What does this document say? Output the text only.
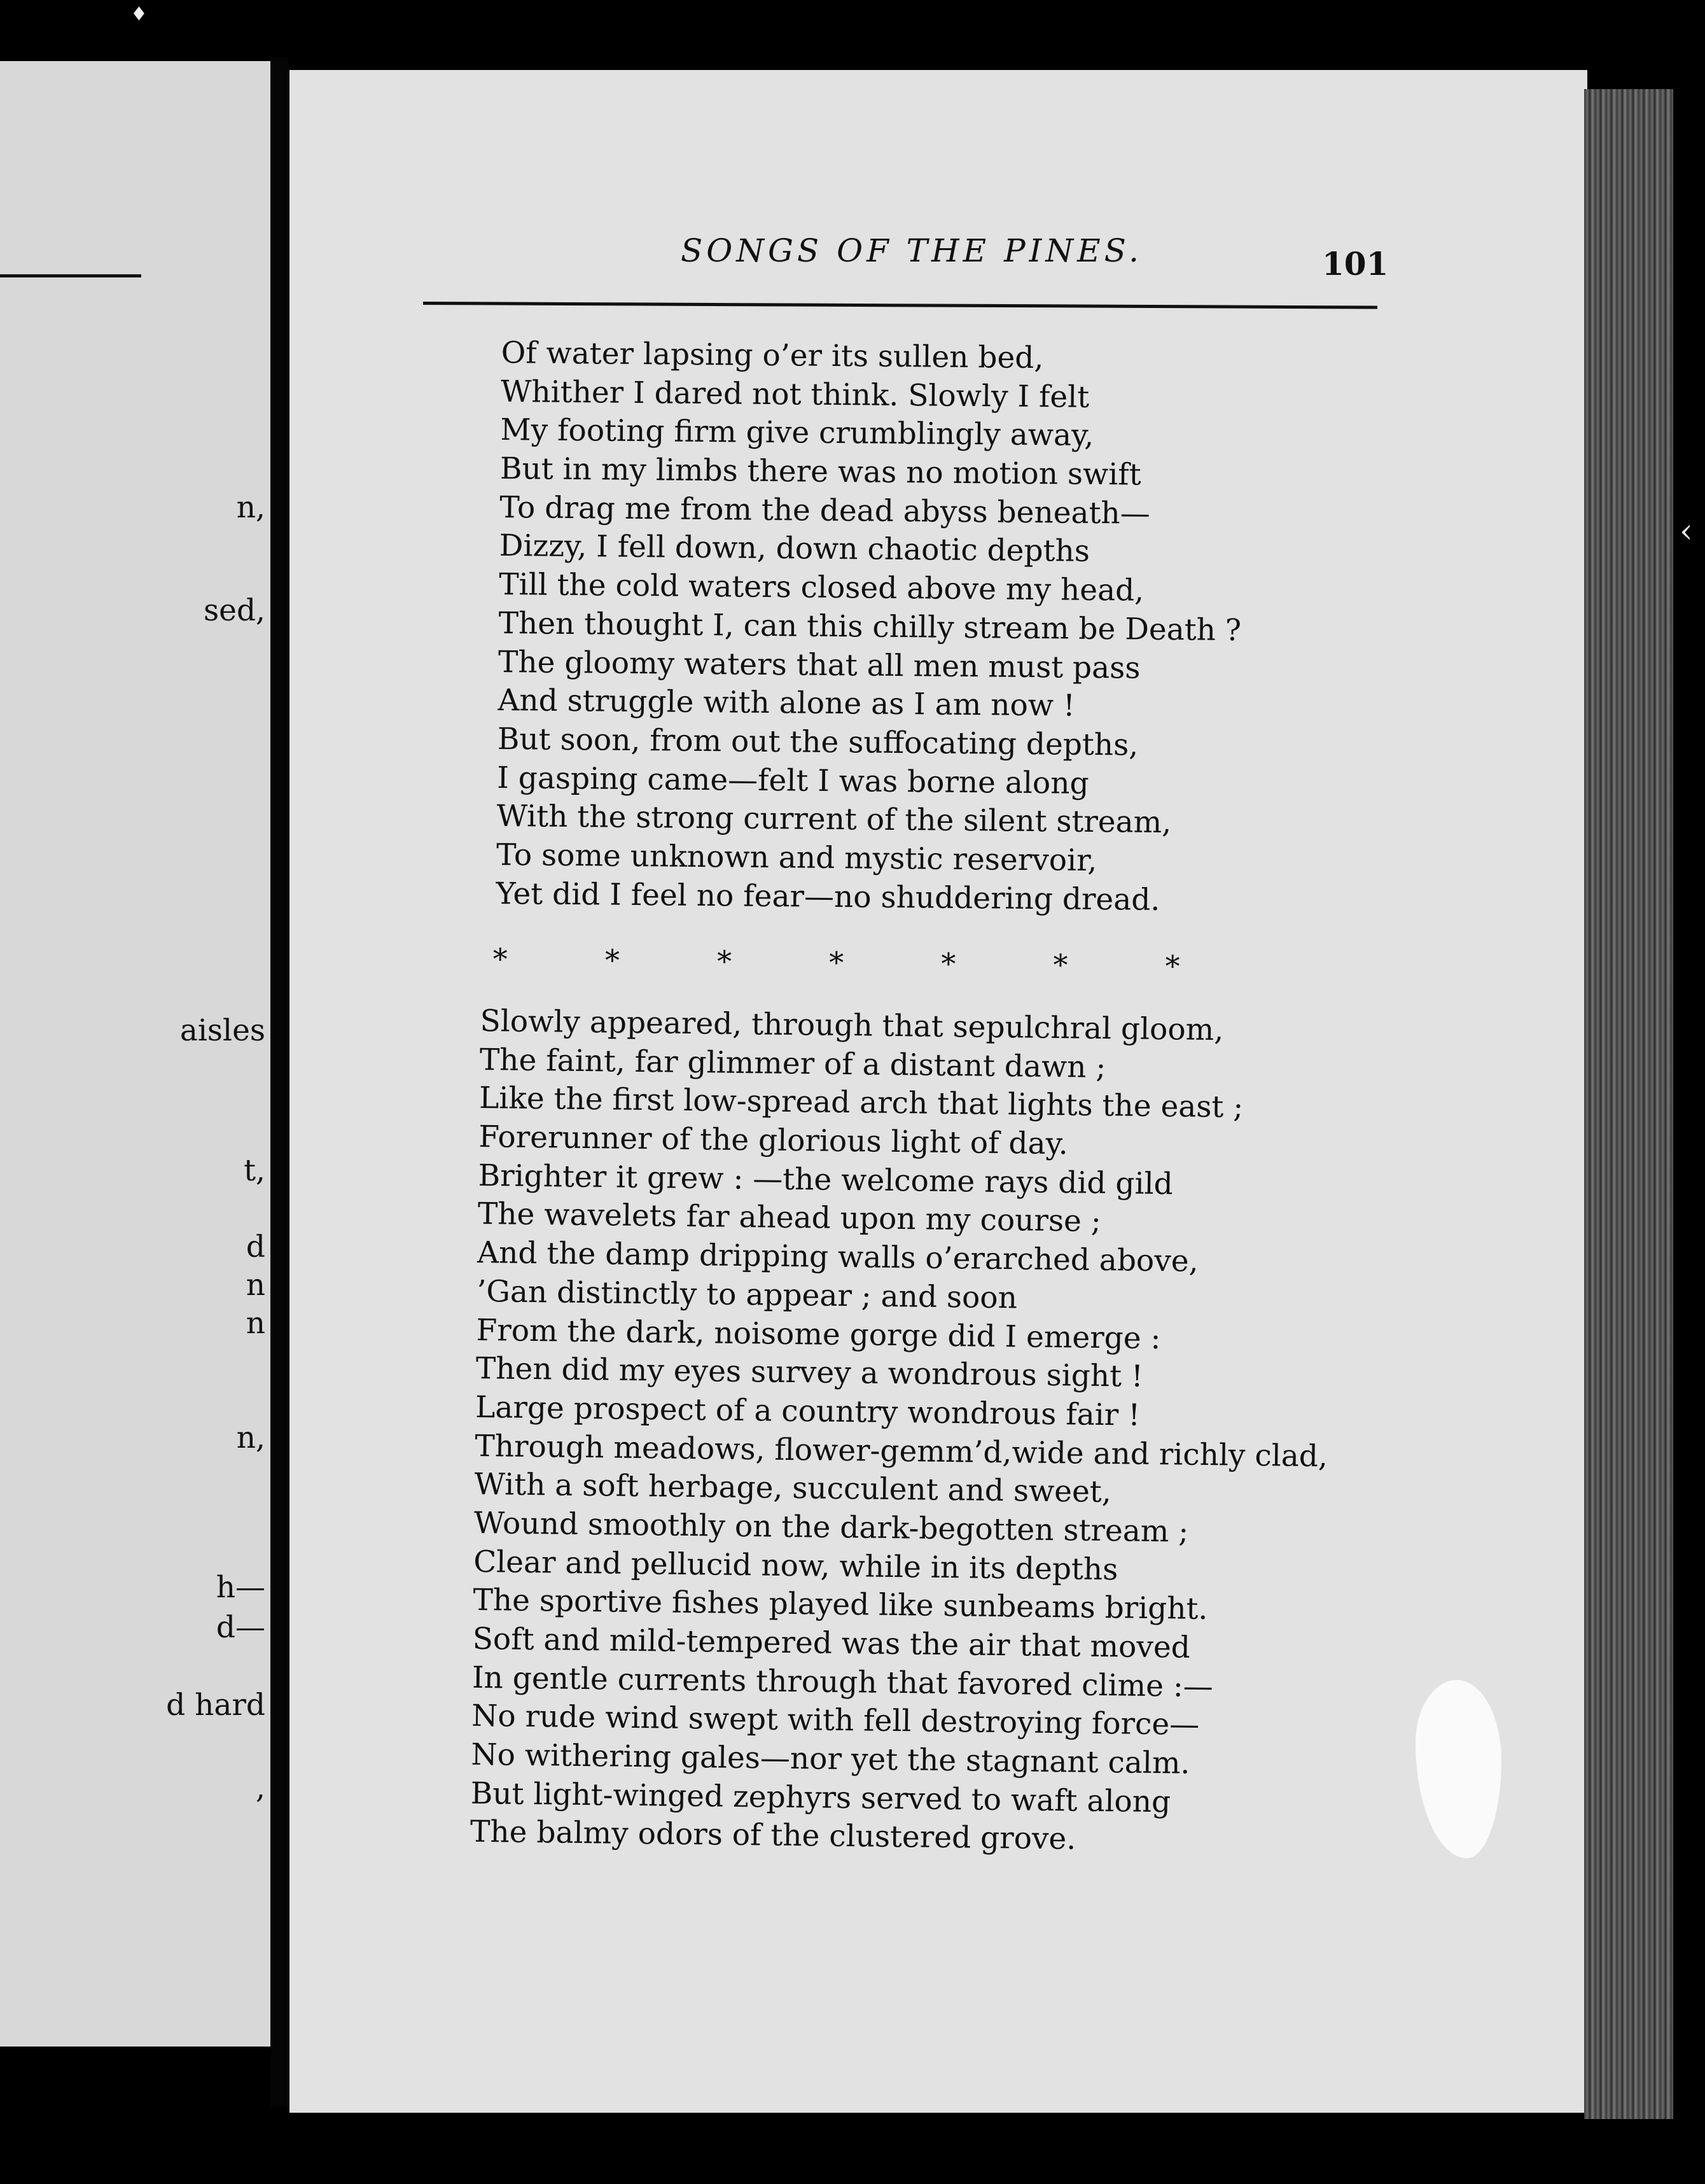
n,
sed,
aisles
t,
d
n
n
n,
h—
d—
d hard
,
SONGS OF THE PINES.	101
Of water lapsing o’er its sullen bed,
Whither I dared not think. Slowly I felt
My footing firm give crumblingly away,
But in my limbs there was no motion swift
To drag me from the dead abyss beneath—
Dizzy, I fell down, down chaotic depths
Till the cold waters closed above my head,
Then thought I, can this chilly stream be Death ?
The gloomy waters that all men must pass
And struggle with alone as I am now !
But soon, from out the suffocating depths,
I gasping came—felt I was borne along
With the strong current of the silent stream,
To some unknown and mystic reservoir,
Yet did I feel no fear—no shuddering dread.
*	*	*	*	*	*	*
Slowly appeared, through that sepulchral gloom,
The faint, far glimmer of a distant dawn ;
Like the first low-spread arch that lights the east ;
Forerunner of the glorious light of day.
Brighter it grew : —the welcome rays did gild
The wavelets far ahead upon my course ;
And the damp dripping walls o’erarched above,
’Gan distinctly to appear ; and soon
From the dark, noisome gorge did I emerge :
Then did my eyes survey a wondrous sight !
Large prospect of a country wondrous fair !
Through meadows, flower-gemm’d,wide and richly clad,
With a soft herbage, succulent and sweet,
Wound smoothly on the dark-begotten stream ;
Clear and pellucid now, while in its depths
The sportive fishes played like sunbeams bright.
Soft and mild-tempered was the air that moved
In gentle currents through that favored clime :—
No rude wind swept with fell destroying force—
No withering gales—nor yet the stagnant calm.
But light-winged zephyrs served to waft along
The balmy odors of the clustered grove.
♦
‹
